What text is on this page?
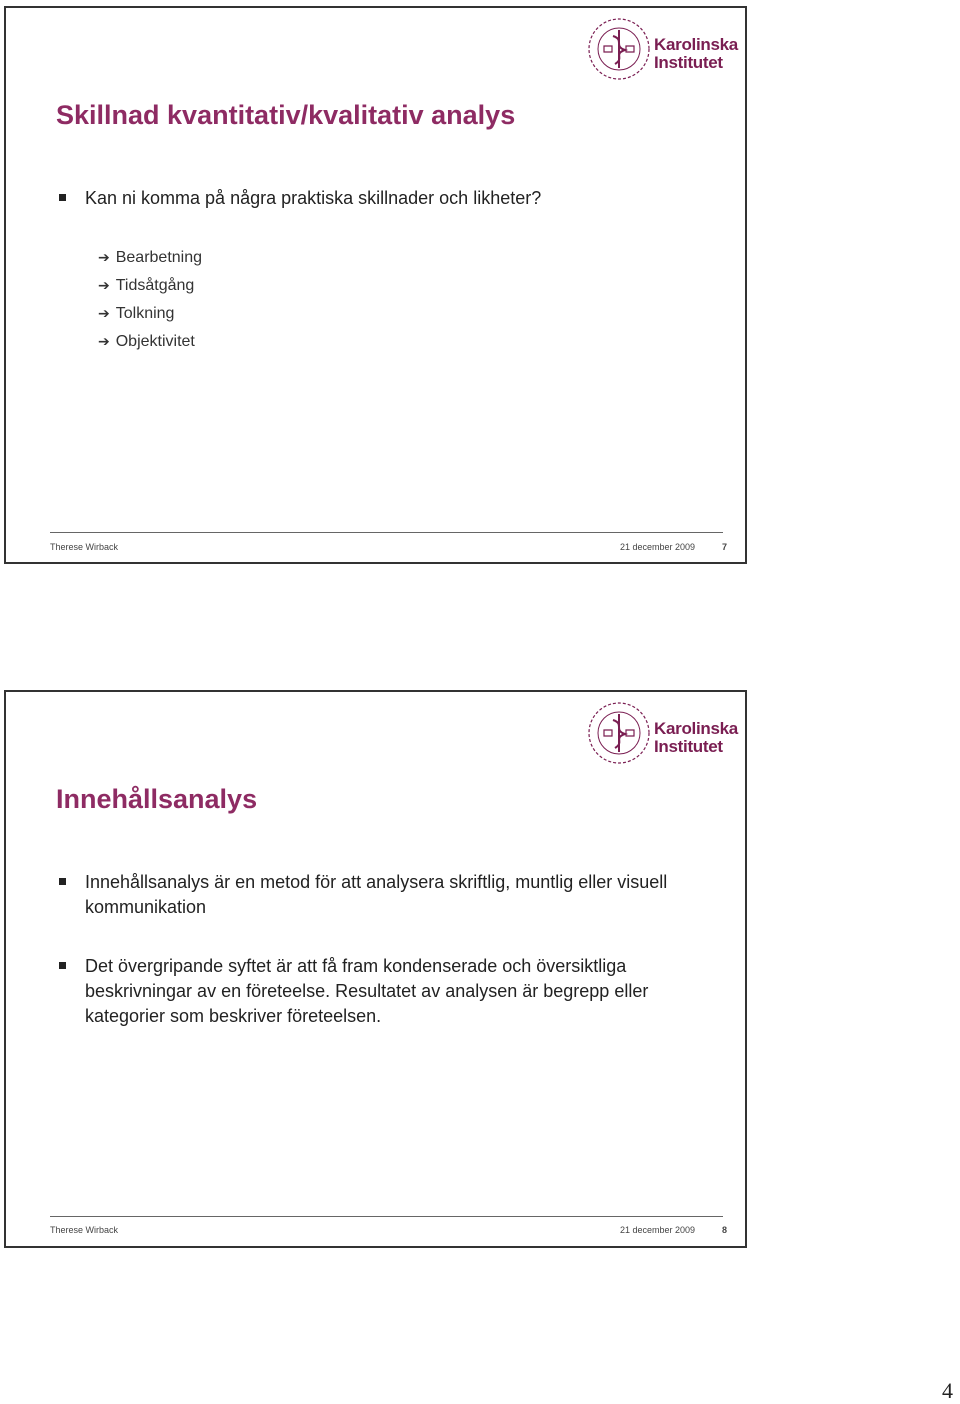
Karolinska
Institutet
Skillnad kvantitativ/kvalitativ analys
Kan ni komma på några praktiska skillnader och likheter?
➔ Bearbetning
➔ Tidsåtgång
➔ Tolkning
➔ Objektivitet
Therese Wirback	21 december 2009	7
Karolinska
Institutet
Innehållsanalys
Innehållsanalys är en metod för att analysera skriftlig, muntlig eller visuell kommunikation
Det övergripande syftet är att få fram kondenserade och översiktliga beskrivningar av en företeelse. Resultatet av analysen är begrepp eller kategorier som beskriver företeelsen.
Therese Wirback	21 december 2009	8
4
